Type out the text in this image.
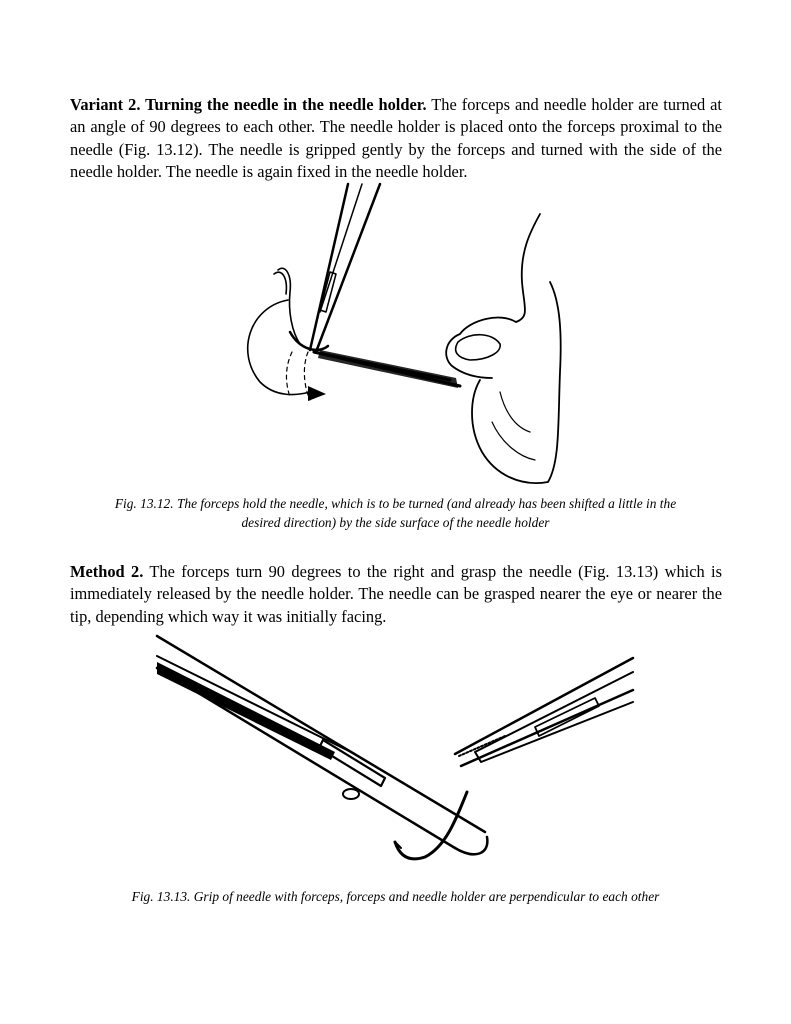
Variant 2. Turning the needle in the needle holder. The forceps and needle holder are turned at an angle of 90 degrees to each other. The needle holder is placed onto the forceps proximal to the needle (Fig. 13.12). The needle is gripped gently by the forceps and turned with the side of the needle holder. The needle is again fixed in the needle holder.

Fig. 13.12. The forceps hold the needle, which is to be turned (and already has been shifted a little in the
desired direction) by the side surface of the needle holder

Method 2. The forceps turn 90 degrees to the right and grasp the needle (Fig. 13.13) which is immediately released by the needle holder. The needle can be grasped nearer the eye or nearer the tip, depending which way it was initially facing.

Fig. 13.13. Grip of needle with forceps, forceps and needle holder are perpendicular to each other
